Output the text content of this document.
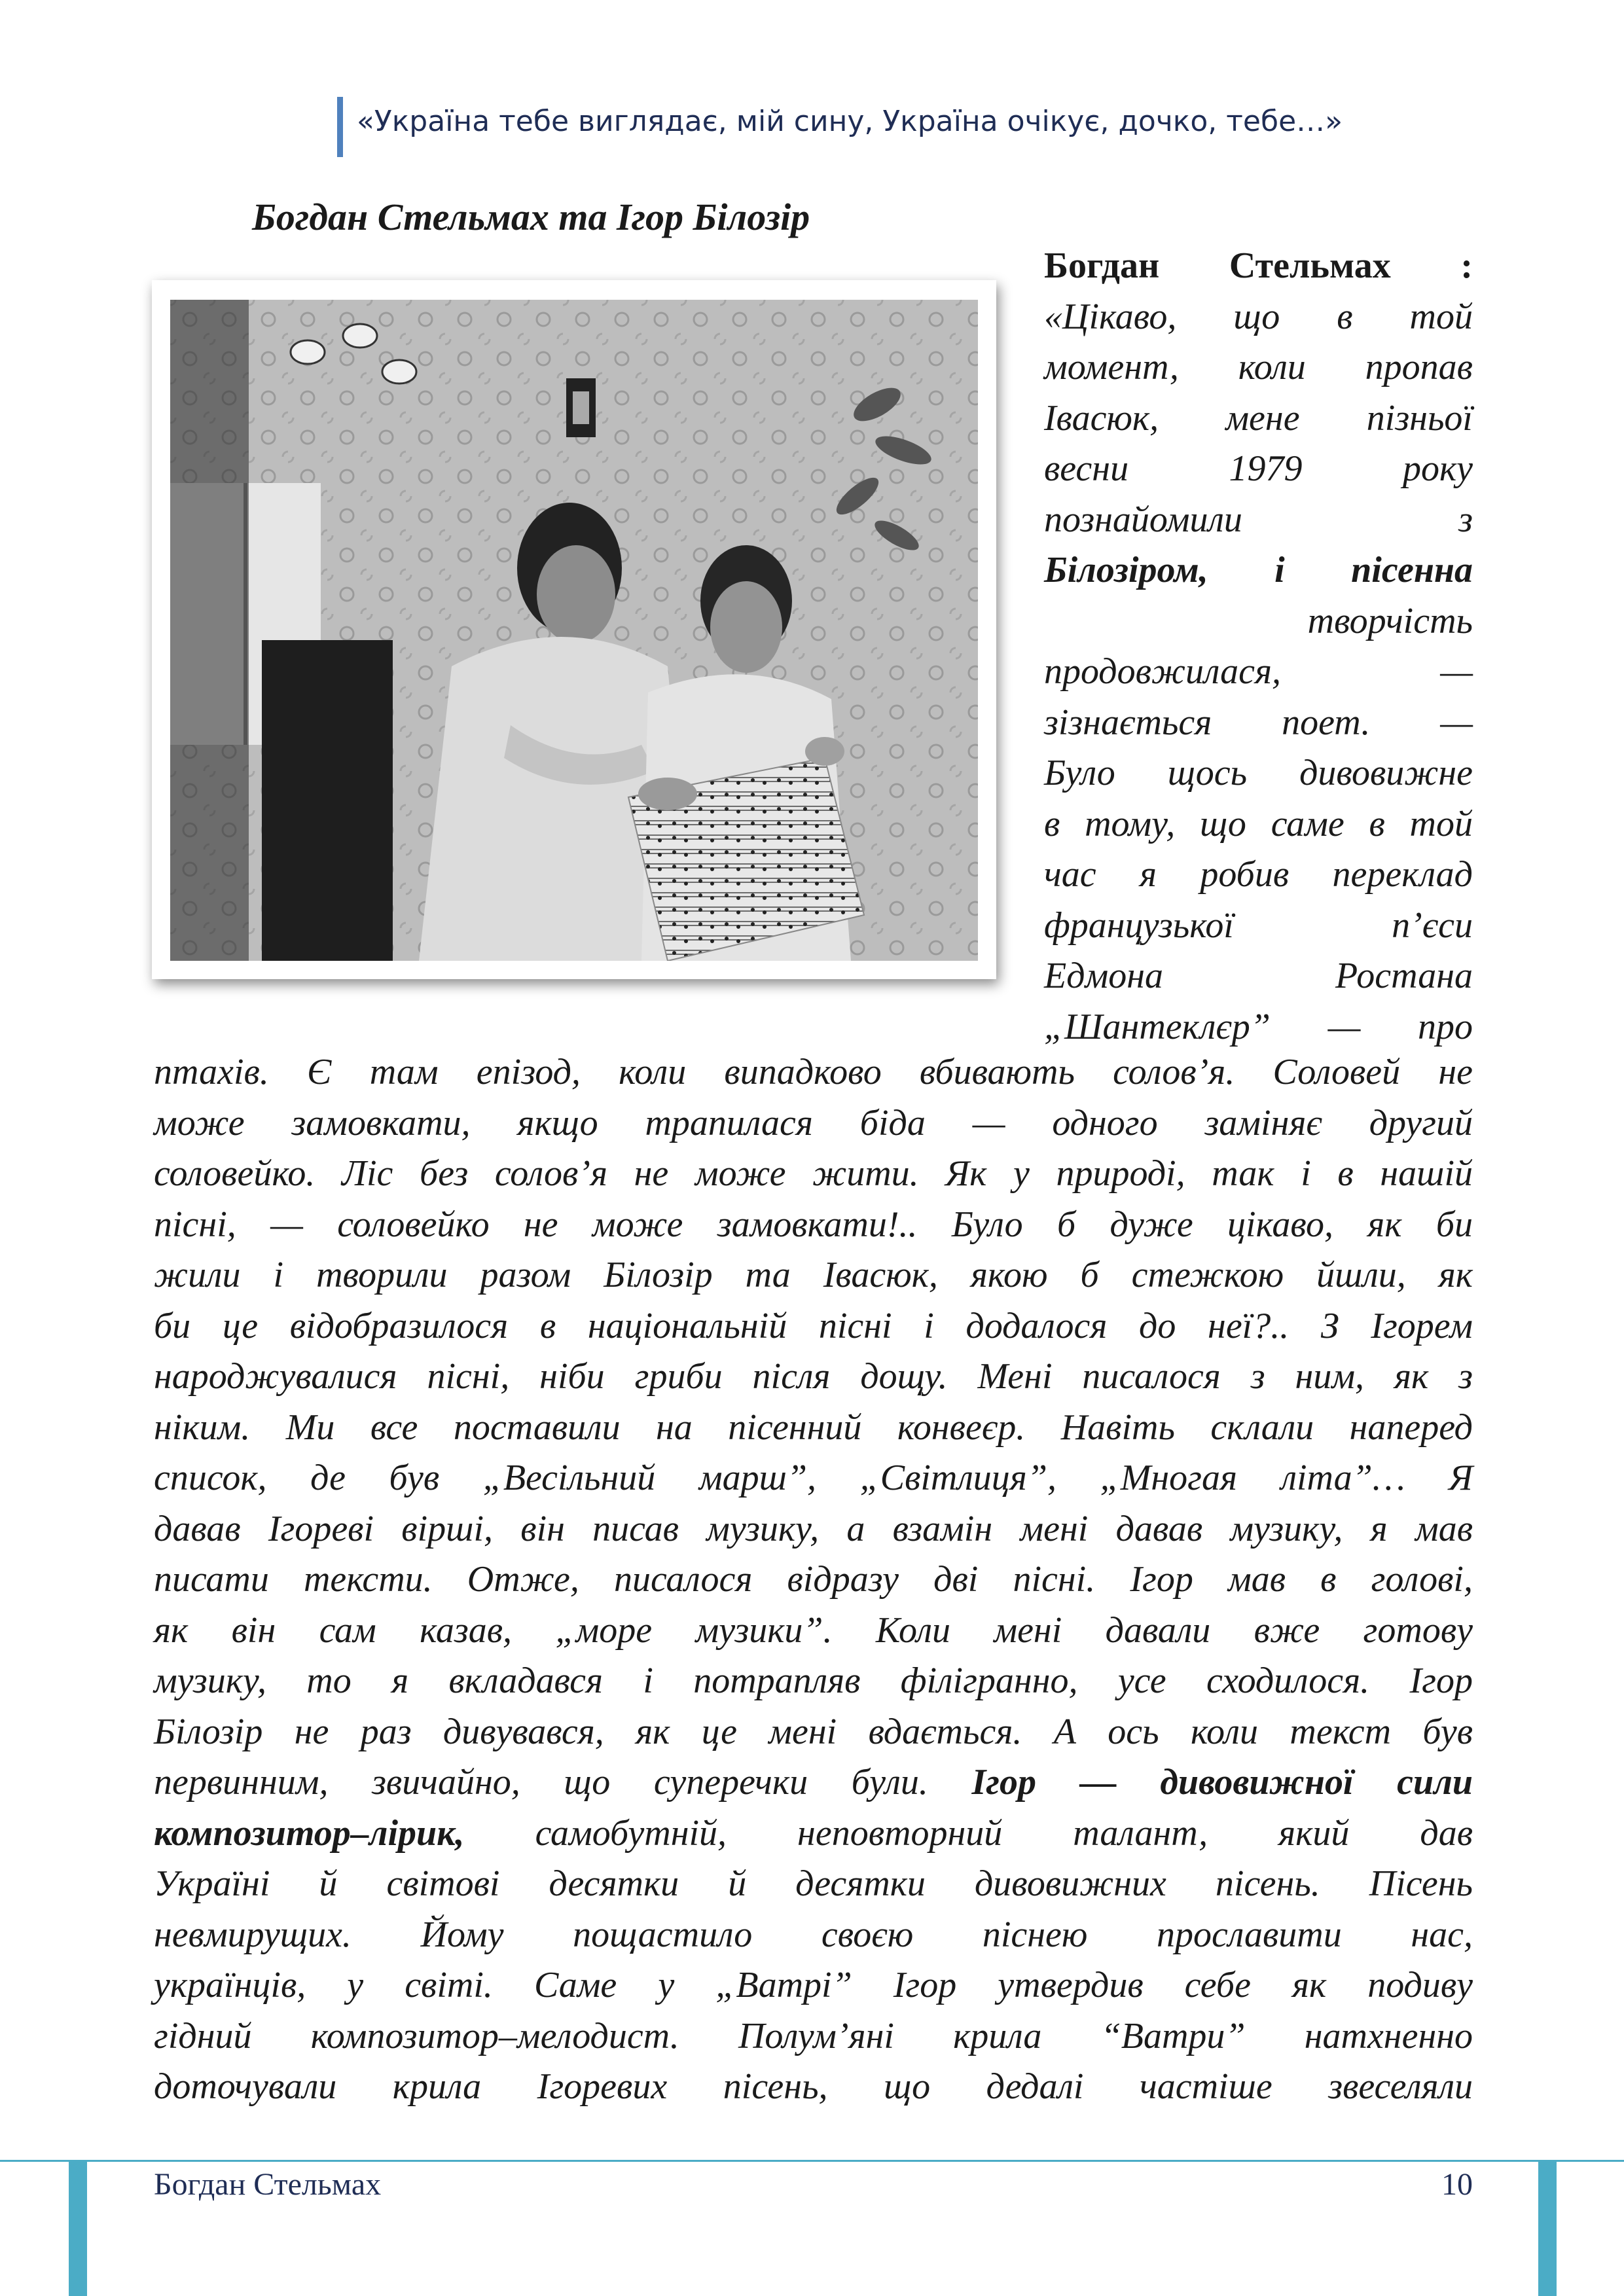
«Україна тебе виглядає, мій сину, Україна очікує, дочко, тебе…»
Богдан Стельмах та Ігор Білозір
Богдан Стельмах :
«Цікаво, що в той
момент, коли пропав
Івасюк, мене пізньої
весни 1979 року
познайомили з
Білозіром, і пісенна
творчість
продовжилася, —
зізнається поет. —
Було щось дивовижне
в тому, що саме в той
час я робив переклад
французької п’єси
Едмона Ростана
„Шантеклєр” — про
птахів. Є там епізод, коли випадково вбивають солов’я. Соловей не
може замовкати, якщо трапилася біда — одного заміняє другий
соловейко. Ліс без солов’я не може жити. Як у природі, так і в нашій
пісні, — соловейко не може замовкати!.. Було б дуже цікаво, як би
жили і творили разом Білозір та Івасюк, якою б стежкою йшли, як
би це відобразилося в національній пісні і додалося до неї?.. З Ігорем
народжувалися пісні, ніби гриби після дощу. Мені писалося з ним, як з
ніким. Ми все поставили на пісенний конвеєр. Навіть склали наперед
список, де був „Весільний марш”, „Світлиця”, „Многая літа”… Я
давав Ігореві вірші, він писав музику, а взамін мені давав музику, я мав
писати тексти. Отже, писалося відразу дві пісні. Ігор мав в голові,
як він сам казав, „море музики”. Коли мені давали вже готову
музику, то я вкладався і потрапляв філігранно, усе сходилося. Ігор
Білозір не раз дивувався, як це мені вдається. А ось коли текст був
первинним, звичайно, що суперечки були. Ігор — дивовижної сили
композитор–лірик, самобутній, неповторний талант, який дав
Україні й світові десятки й десятки дивовижних пісень. Пісень
невмирущих. Йому пощастило своєю піснею прославити нас,
українців, у світі. Саме у „Ватрі” Ігор утвердив себе як подиву
гідний композитор–мелодист. Полум’яні крила “Ватри” натхненно
доточували крила Ігоревих пісень, що дедалі частіше звеселяли
Богдан Стельмах	10
